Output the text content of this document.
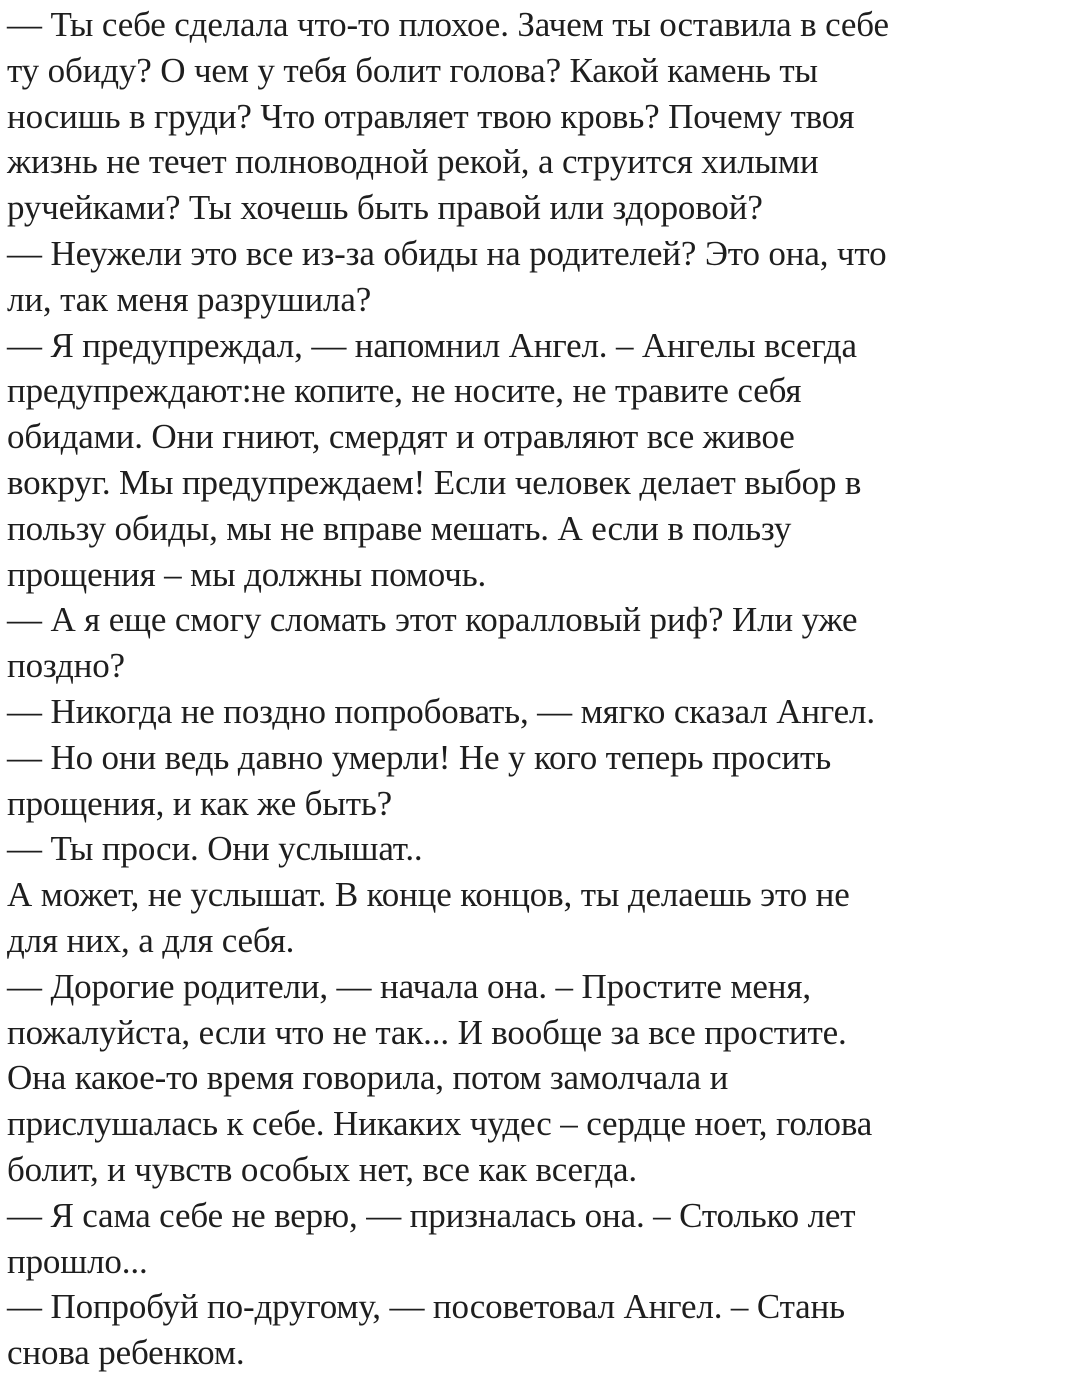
— Ты себе сделала что-то плохое. Зачем ты оставила в себе
ту обиду? О чем у тебя болит голова? Какой камень ты
носишь в груди? Что отравляет твою кровь? Почему твоя
жизнь не течет полноводной рекой, а струится хилыми
ручейками? Ты хочешь быть правой или здоровой?
— Неужели это все из-за обиды на родителей? Это она, что
ли, так меня разрушила?
— Я предупреждал, — напомнил Ангел. – Ангелы всегда
предупреждают:не копите, не носите, не травите себя
обидами. Они гниют, смердят и отравляют все живое
вокруг. Мы предупреждаем! Если человек делает выбор в
пользу обиды, мы не вправе мешать. А если в пользу
прощения – мы должны помочь.
— А я еще смогу сломать этот коралловый риф? Или уже
поздно?
— Никогда не поздно попробовать, — мягко сказал Ангел.
— Но они ведь давно умерли! Не у кого теперь просить
прощения, и как же быть?
— Ты проси. Они услышат..
А может, не услышат. В конце концов, ты делаешь это не
для них, а для себя.
— Дорогие родители, — начала она. – Простите меня,
пожалуйста, если что не так... И вообще за все простите.
Она какое-то время говорила, потом замолчала и
прислушалась к себе. Никаких чудес – сердце ноет, голова
болит, и чувств особых нет, все как всегда.
— Я сама себе не верю, — призналась она. – Столько лет
прошло...
— Попробуй по-другому, — посоветовал Ангел. – Стань
снова ребенком.
